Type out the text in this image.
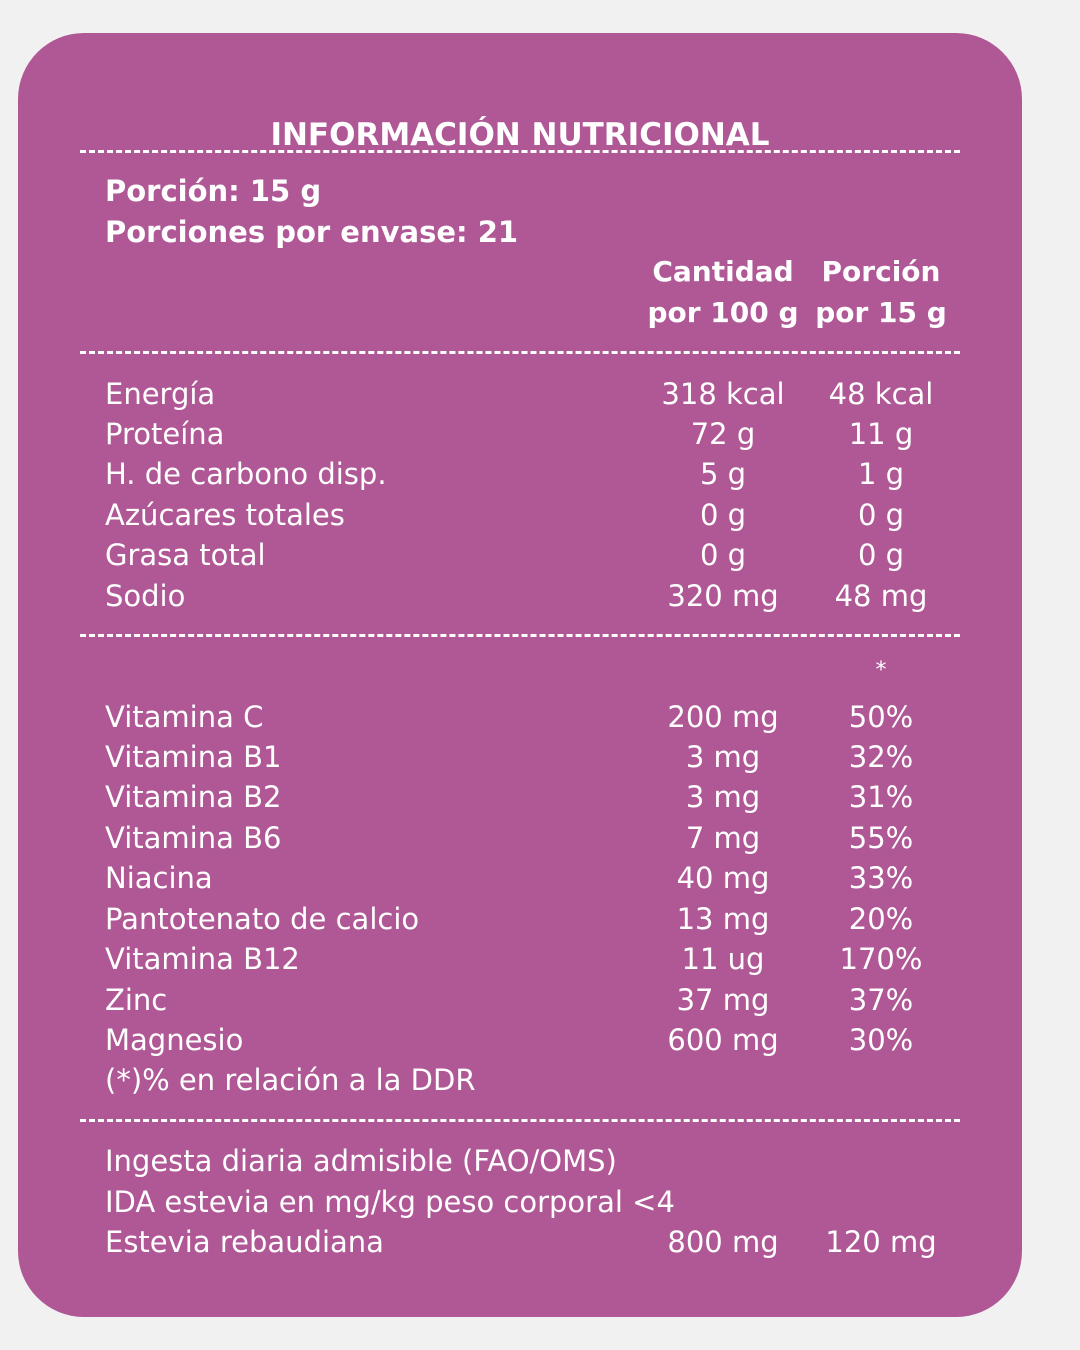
INFORMACIÓN NUTRICIONAL
Porción: 15 g
Porciones por envase: 21
Cantidad
por 100 g
Porción
por 15 g
Energía	318 kcal	48 kcal
Proteína	72 g	11 g
H. de carbono disp.	5 g	1 g
Azúcares totales	0 g	0 g
Grasa total	0 g	0 g
Sodio	320 mg	48 mg
*
Vitamina C	200 mg	50%
Vitamina B1	3 mg	32%
Vitamina B2	3 mg	31%
Vitamina B6	7 mg	55%
Niacina	40 mg	33%
Pantotenato de calcio	13 mg	20%
Vitamina B12	11 ug	170%
Zinc	37 mg	37%
Magnesio	600 mg	30%
(*)% en relación a la DDR
Ingesta diaria admisible (FAO/OMS)
IDA estevia en mg/kg peso corporal <4
Estevia rebaudiana	800 mg	120 mg
